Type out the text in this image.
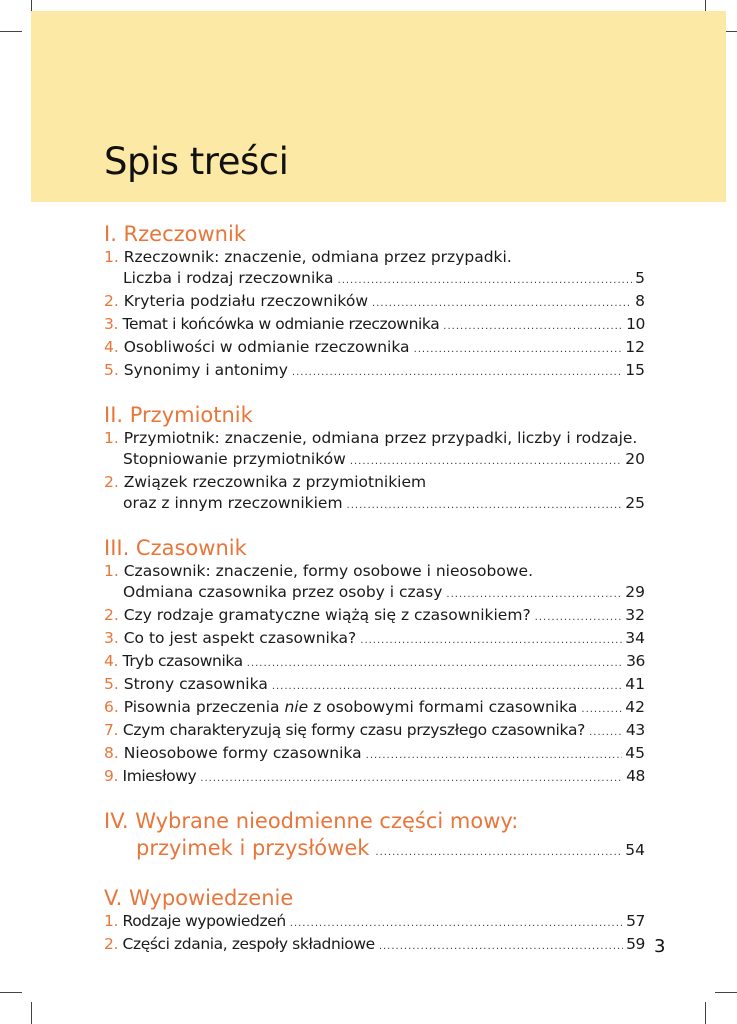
Spis treści
I. Rzeczownik
1.
Rzeczownik: znaczenie, odmiana przez przypadki.
Liczba i rodzaj rzeczownika .....	5
2.
Kryteria podziału rzeczowników .....	8
3.
Temat i końcówka w odmianie rzeczownika .....	10
4.
Osobliwości w odmianie rzeczownika .....	12
5.
Synonimy i antonimy .....	15
II. Przymiotnik
1.
Przymiotnik: znaczenie, odmiana przez przypadki, liczby i rodzaje.
Stopniowanie przymiotników .....	20
2.
Związek rzeczownika z przymiotnikiem
oraz z innym rzeczownikiem .....	25
III. Czasownik
1.
Czasownik: znaczenie, formy osobowe i nieosobowe.
Odmiana czasownika przez osoby i czasy .....	29
2.
Czy rodzaje gramatyczne wiążą się z czasownikiem? .....	32
3.
Co to jest aspekt czasownika? .....	34
4.
Tryb czasownika .....	36
5.
Strony czasownika .....	41
6.
Pisownia przeczenia nie z osobowymi formami czasownika .....	42
7.
Czym charakteryzują się formy czasu przyszłego czasownika? .....	43
8.
Nieosobowe formy czasownika .....	45
9.
Imiesłowy .....	48
IV. Wybrane nieodmienne części mowy:
przyimek i przysłówek .....	54
V. Wypowiedzenie
1.
Rodzaje wypowiedzeń .....	57
2.
Części zdania, zespoły składniowe .....	59 3
